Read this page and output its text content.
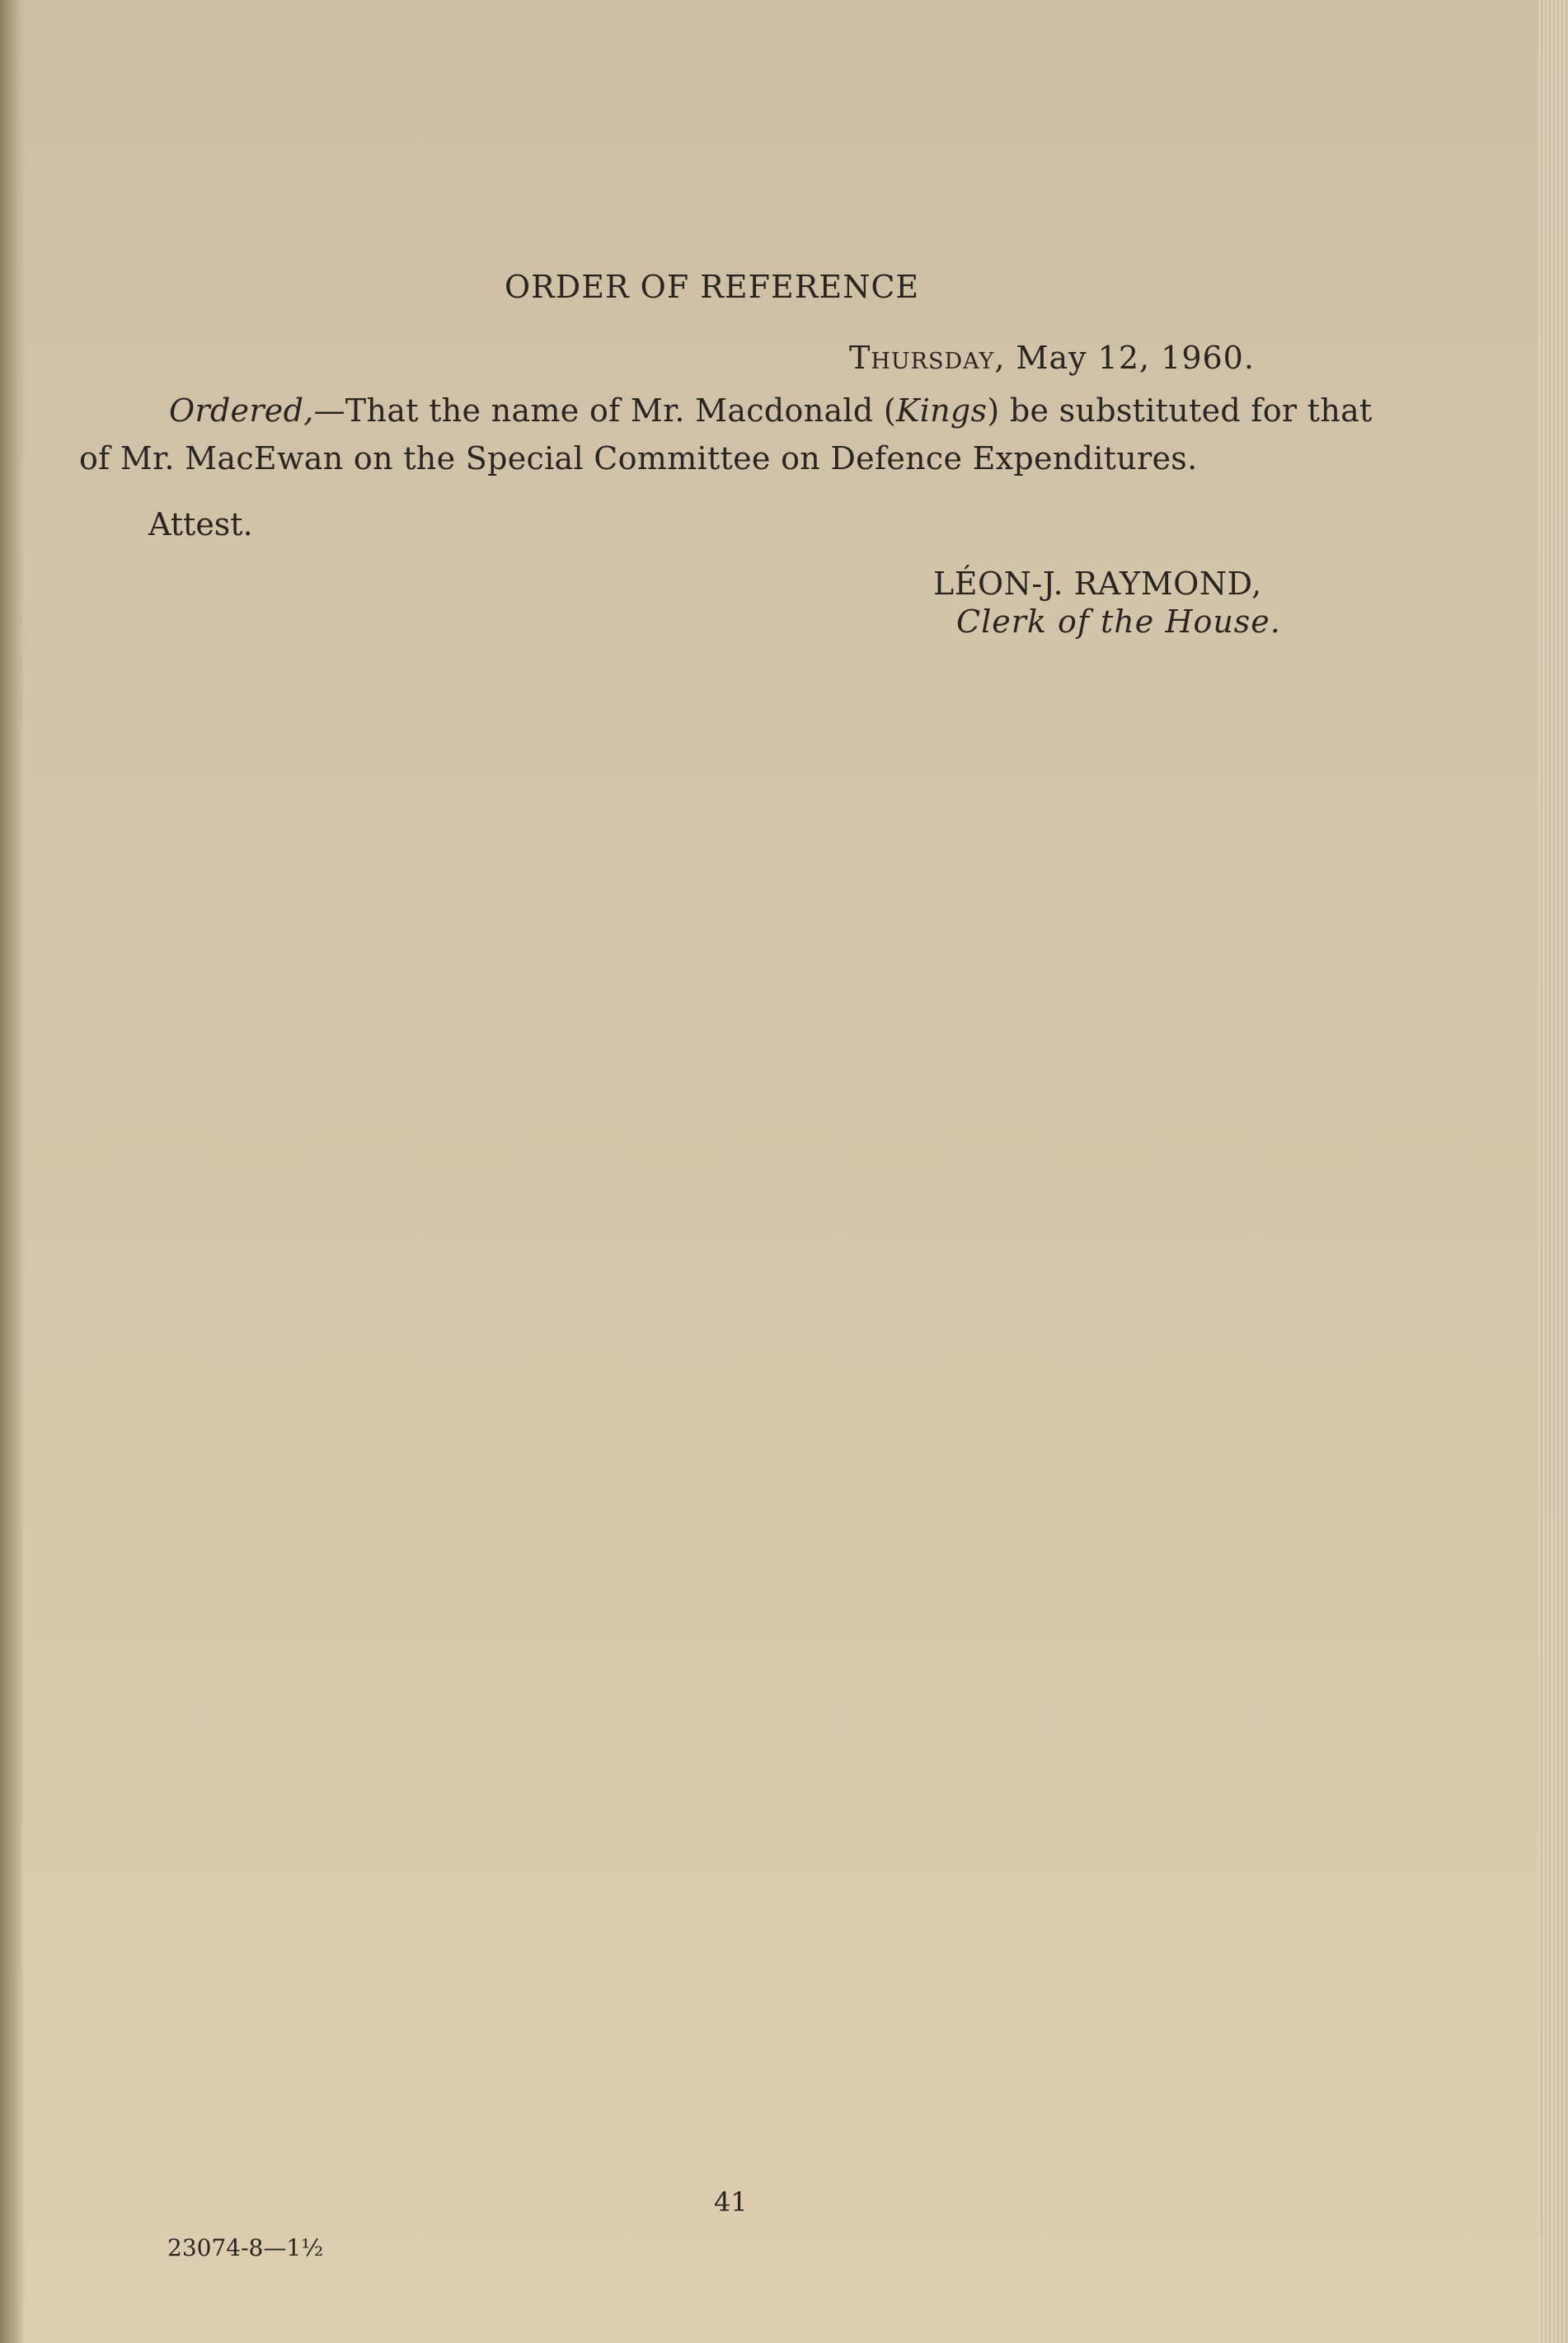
ORDER OF REFERENCE
Thursday, May 12, 1960.
Ordered,—That the name of Mr. Macdonald (Kings) be substituted for that
of Mr. MacEwan on the Special Committee on Defence Expenditures.
Attest.
LÉON-J. RAYMOND,
Clerk of the House.
41
23074-8—1½
